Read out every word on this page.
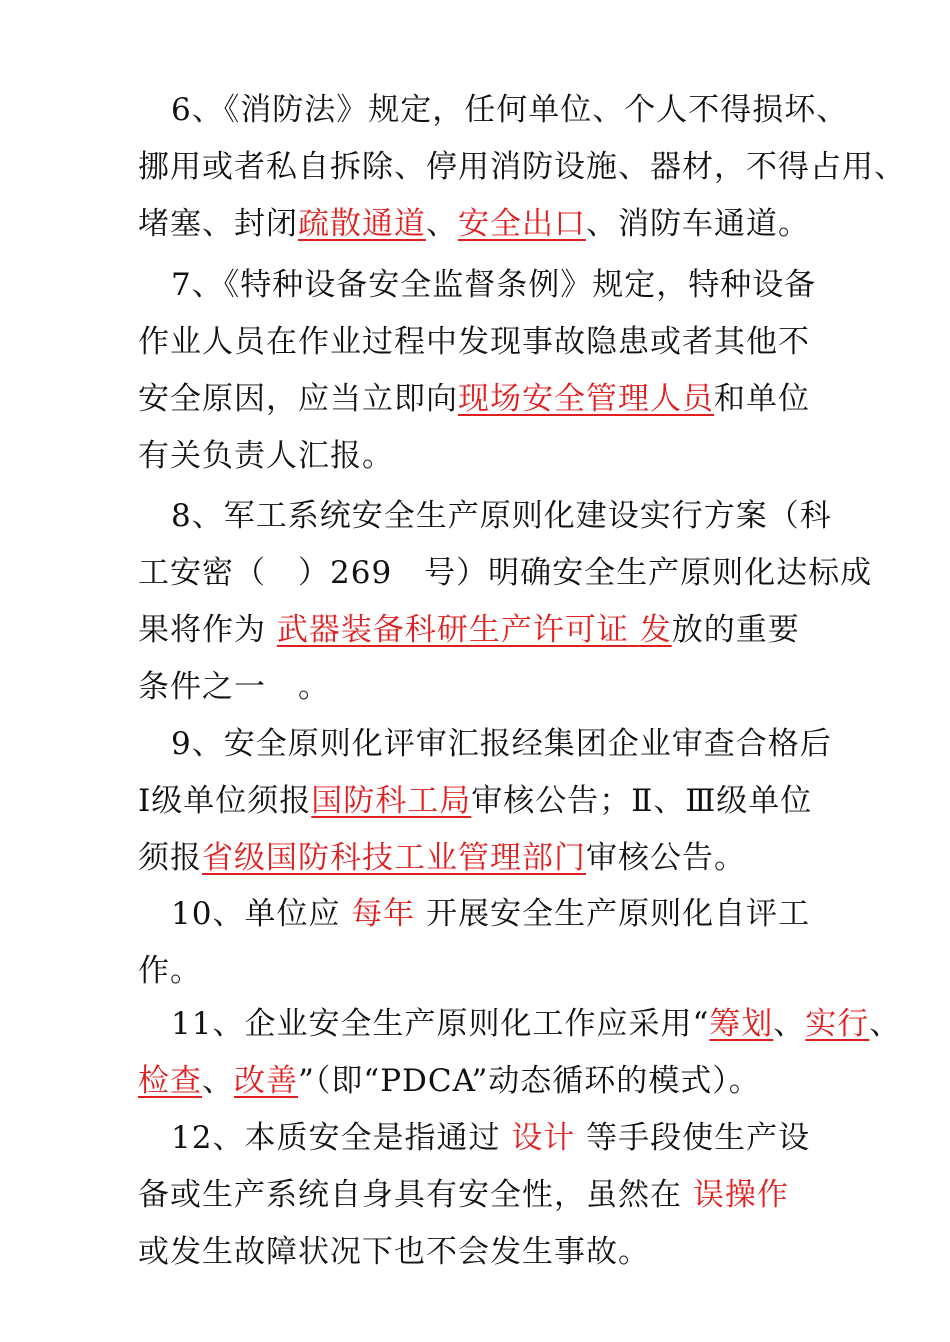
6、《消防法》规定，任何单位、个人不得损坏、
挪用或者私自拆除、停用消防设施、器材，不得占用、
堵塞、封闭疏散通道、安全出口、消防车通道。
7、《特种设备安全监督条例》规定，特种设备
作业人员在作业过程中发现事故隐患或者其他不
安全原因，应当立即向现场安全管理人员和单位
有关负责人汇报。
8、军工系统安全生产原则化建设实行方案（科
工安密（　）269　号）明确安全生产原则化达标成
果将作为 武器装备科研生产许可证 发放的重要
条件之一　。
9、安全原则化评审汇报经集团企业审查合格后
Ⅰ级单位须报国防科工局审核公告；Ⅱ、Ⅲ级单位
须报省级国防科技工业管理部门审核公告。
10、单位应 每年 开展安全生产原则化自评工
作。
11、企业安全生产原则化工作应采用“筹划、实行、
检查、改善”（即“PDCA”动态循环的模式）。
12、本质安全是指通过 设计 等手段使生产设
备或生产系统自身具有安全性，虽然在 误操作
或发生故障状况下也不会发生事故。
